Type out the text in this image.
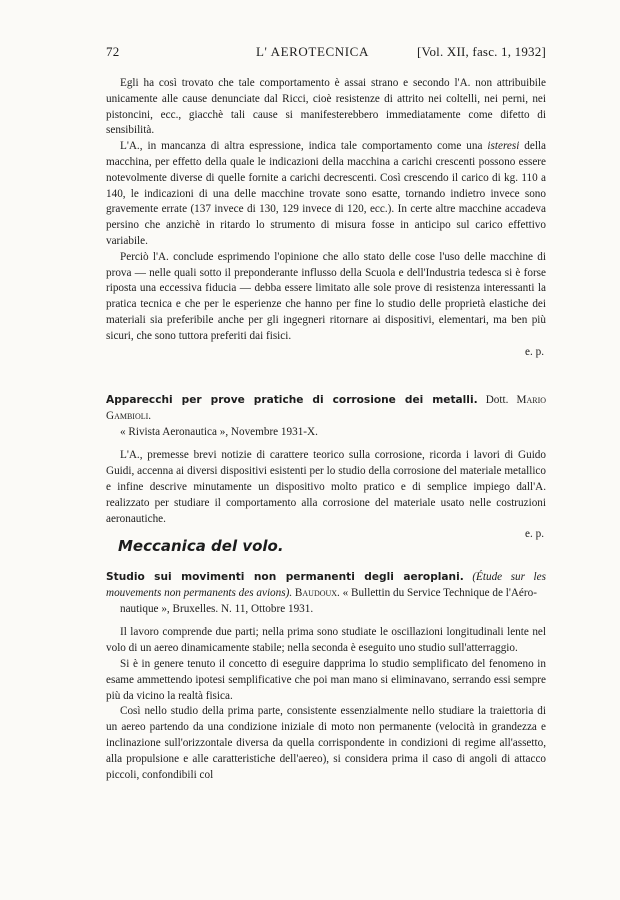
72	L' AEROTECNICA	[Vol. XII, fasc. 1, 1932]

Egli ha così trovato che tale comportamento è assai strano e secondo l'A. non attribuibile unicamente alle cause denunciate dal Ricci, cioè resistenze di attrito nei coltelli, nei perni, nei pistoncini, ecc., giacchè tali cause si manifesterebbero immediatamente come difetto di sensibilità.

L'A., in mancanza di altra espressione, indica tale comportamento come una isteresi della macchina, per effetto della quale le indicazioni della macchina a carichi crescenti possono essere notevolmente diverse di quelle fornite a carichi decrescenti. Così crescendo il carico di kg. 110 a 140, le indicazioni di una delle macchine trovate sono esatte, tornando indietro invece sono gravemente errate (137 invece di 130, 129 invece di 120, ecc.). In certe altre macchine accadeva persino che anzichè in ritardo lo strumento di misura fosse in anticipo sul carico effettivo variabile.

Perciò l'A. conclude esprimendo l'opinione che allo stato delle cose l'uso delle macchine di prova — nelle quali sotto il preponderante influsso della Scuola e dell'Industria tedesca si è forse riposta una eccessiva fiducia — debba essere limitato alle sole prove di resistenza interessanti la pratica tecnica e che per le esperienze che hanno per fine lo studio delle proprietà elastiche dei materiali sia preferibile anche per gli ingegneri ritornare ai dispositivi, elementari, ma ben più sicuri, che sono tuttora preferiti dai fisici.

e. p.

Apparecchi per prove pratiche di corrosione dei metalli. Dott. Mario Gambioli.

« Rivista Aeronautica », Novembre 1931-X.

L'A., premesse brevi notizie di carattere teorico sulla corrosione, ricorda i lavori di Guido Guidi, accenna ai diversi dispositivi esistenti per lo studio della corrosione del materiale metallico e infine descrive minutamente un dispositivo molto pratico e di semplice impiego dall'A. realizzato per studiare il comportamento alla corrosione del materiale usato nelle costruzioni aeronautiche.

e. p.

Meccanica del volo.

Studio sui movimenti non permanenti degli aeroplani. (Étude sur les mouvements non permanents des avions). Baudoux. « Bullettin du Service Technique de l'Aéro-

nautique », Bruxelles. N. 11, Ottobre 1931.

Il lavoro comprende due parti; nella prima sono studiate le oscillazioni longitudinali lente nel volo di un aereo dinamicamente stabile; nella seconda è eseguito uno studio sull'atterraggio.

Si è in genere tenuto il concetto di eseguire dapprima lo studio semplificato del fenomeno in esame ammettendo ipotesi semplificative che poi man mano si eliminavano, serrando essi sempre più da vicino la realtà fisica.

Così nello studio della prima parte, consistente essenzialmente nello studiare la traiettoria di un aereo partendo da una condizione iniziale di moto non permanente (velocità in grandezza e inclinazione sull'orizzontale diversa da quella corrispondente in condizioni di regime all'assetto, alla propulsione e alle caratteristiche dell'aereo), si considera prima il caso di angoli di attacco piccoli, confondibili col
